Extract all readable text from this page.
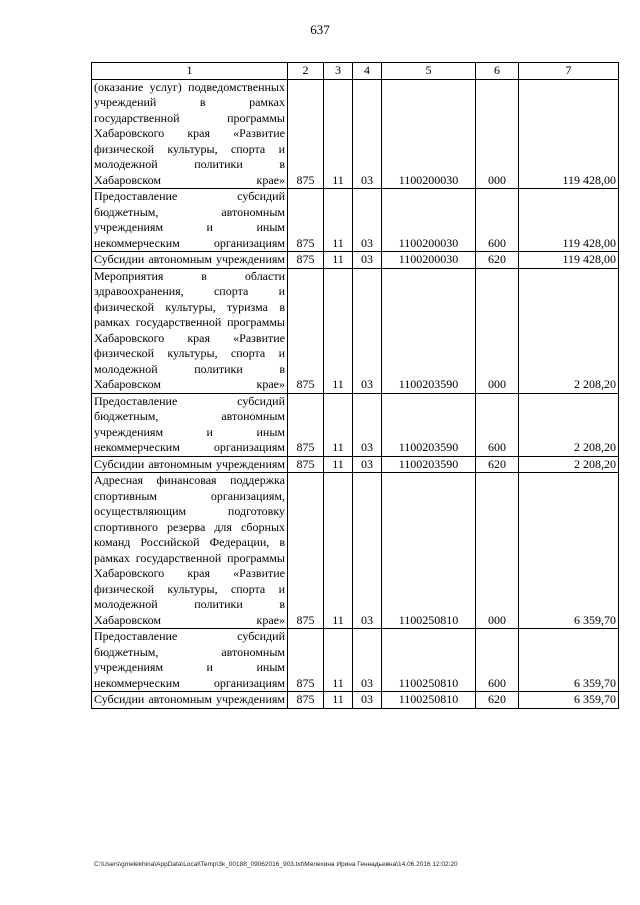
637
1	2	3	4	5	6	7
(оказание услуг) подведомственных учреждений в рамках государственной программы Хабаровского края «Развитие физической культуры, спорта и молодежной политики в Хабаровском крае»	875	11	03	1100200030	000	119 428,00
Предоставление субсидий бюджетным, автономным учреждениям и иным некоммерческим организациям	875	11	03	1100200030	600	119 428,00
Субсидии автономным учреждениям	875	11	03	1100200030	620	119 428,00
Мероприятия в области здравоохранения, спорта и физической культуры, туризма в рамках государственной программы Хабаровского края «Развитие физической культуры, спорта и молодежной политики в Хабаровском крае»	875	11	03	1100203590	000	2 208,20
Предоставление субсидий бюджетным, автономным учреждениям и иным некоммерческим организациям	875	11	03	1100203590	600	2 208,20
Субсидии автономным учреждениям	875	11	03	1100203590	620	2 208,20
Адресная финансовая поддержка спортивным организациям, осуществляющим подготовку спортивного резерва для сборных команд Российской Федерации, в рамках государственной программы Хабаровского края «Развитие физической культуры, спорта и молодежной политики в Хабаровском крае»	875	11	03	1100250810	000	6 359,70
Предоставление субсидий бюджетным, автономным учреждениям и иным некоммерческим организациям	875	11	03	1100250810	600	6 359,70
Субсидии автономным учреждениям	875	11	03	1100250810	620	6 359,70
C:\Users\gmelekhina\AppData\Local\Temp\3k_00188_09062016_903.txt\Мелехина Ирина Геннадьевна\14.06.2016 12:02:20
